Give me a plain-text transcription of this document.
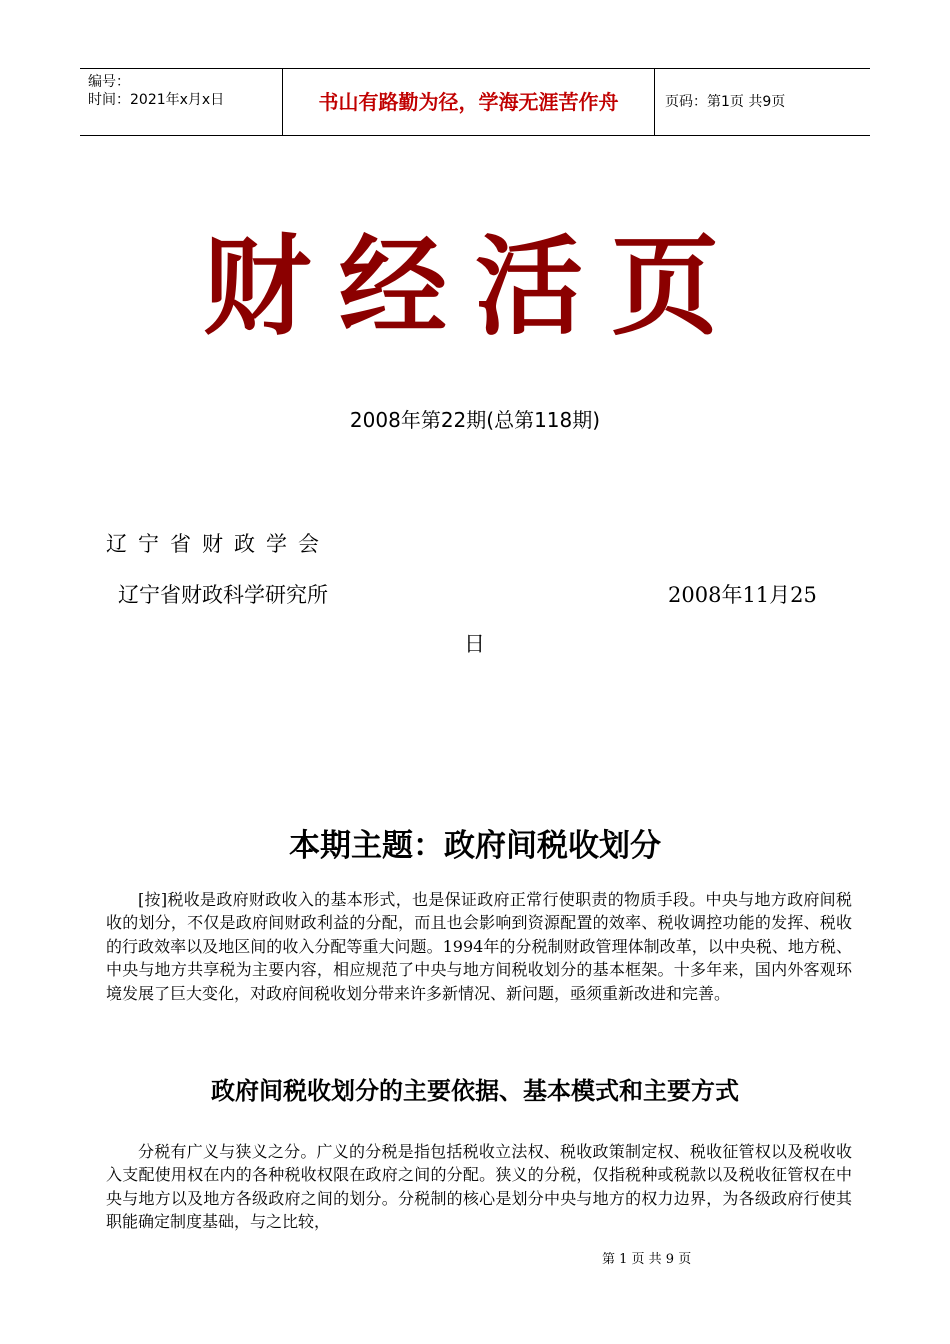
编号：
时间：2021年x月x日	书山有路勤为径，学海无涯苦作舟	页码：第1页 共9页
财经活页
2008年第22期(总第118期)
辽宁省财政学会
辽宁省财政科学研究所	2008年11月25
日
本期主题：政府间税收划分

[按]税收是政府财政收入的基本形式，也是保证政府正常行使职责的物质手段。中央与地方政府间税收的划分，不仅是政府间财政利益的分配，而且也会影响到资源配置的效率、税收调控功能的发挥、税收的行政效率以及地区间的收入分配等重大问题。1994年的分税制财政管理体制改革，以中央税、地方税、中央与地方共享税为主要内容，相应规范了中央与地方间税收划分的基本框架。十多年来，国内外客观环境发展了巨大变化，对政府间税收划分带来许多新情况、新问题，亟须重新改进和完善。

政府间税收划分的主要依据、基本模式和主要方式

分税有广义与狭义之分。广义的分税是指包括税收立法权、税收政策制定权、税收征管权以及税收收入支配使用权在内的各种税收权限在政府之间的分配。狭义的分税，仅指税种或税款以及税收征管权在中央与地方以及地方各级政府之间的划分。分税制的核心是划分中央与地方的权力边界，为各级政府行使其职能确定制度基础，与之比较，

第 1 页 共 9 页
